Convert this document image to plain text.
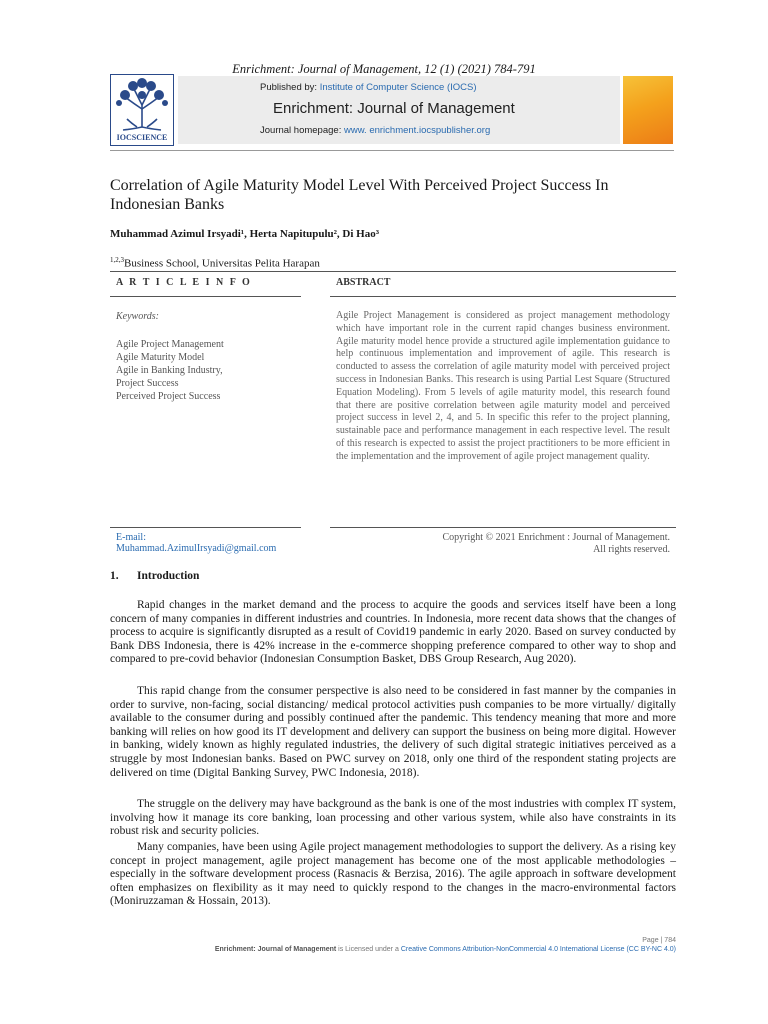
Enrichment: Journal of Management, 12 (1) (2021) 784-791
IOCSCIENCE
Published by: Institute of Computer Science (IOCS)
Enrichment: Journal of Management
Journal homepage: www. enrichment.iocspublisher.org
Correlation of Agile Maturity Model Level With Perceived Project Success In Indonesian Banks
Muhammad Azimul Irsyadi¹, Herta Napitupulu², Di Hao³
$^{1,2,3}$Business School, Universitas Pelita Harapan
A R T I C L E I N F O	ABSTRACT
Keywords:
Agile Project Management
Agile Maturity Model
Agile in Banking Industry,
Project Success
Perceived Project Success
Agile Project Management is considered as project management methodology which have important role in the current rapid changes business environment. Agile maturity model hence provide a structured agile implementation guidance to help continuous implementation and improvement of agile. This research is conducted to assess the correlation of agile maturity model with perceived project success in Indonesian Banks. This research is using Partial Lest Square (Structured Equation Modeling). From 5 levels of agile maturity model, this research found that there are positive correlation between agile maturity model and perceived project success in level 2, 4, and 5. In specific this refer to the project planning, sustainable pace and performance management in each respective level. The result of this research is expected to assist the project practitioners to be more efficient in the implementation and the improvement of agile project management quality.
E-mail:
Muhammad.AzimulIrsyadi@gmail.com
Copyright © 2021 Enrichment : Journal of Management.
All rights reserved.
1. Introduction
Rapid changes in the market demand and the process to acquire the goods and services itself have been a long concern of many companies in different industries and countries. In Indonesia, more recent data shows that the changes of process to acquire is significantly disrupted as a result of Covid19 pandemic in early 2020. Based on survey conducted by Bank DBS Indonesia, there is 42% increase in the e-commerce shopping preference compared to other way to shop and compared to pre-covid behavior (Indonesian Consumption Basket, DBS Group Research, Aug 2020).
This rapid change from the consumer perspective is also need to be considered in fast manner by the companies in order to survive, non-facing, social distancing/ medical protocol activities push companies to be more virtually/ digitally available to the consumer during and possibly continued after the pandemic. This tendency meaning that more and more banking will relies on how good its IT development and delivery can support the business on being more digital. However in banking, widely known as highly regulated industries, the delivery of such digital strategic initiatives perceived as a struggle by most Indonesian banks. Based on PWC survey on 2018, only one third of the respondent stating projects are delivered on time (Digital Banking Survey, PWC Indonesia, 2018).
The struggle on the delivery may have background as the bank is one of the most industries with complex IT system, involving how it manage its core banking, loan processing and other various system, while also have constraints in its robust risk and security policies.
Many companies, have been using Agile project management methodologies to support the delivery. As a rising key concept in project management, agile project management has become one of the most applicable methodologies – especially in the software development process (Rasnacis & Berzisa, 2016). The agile approach in software development often emphasizes on flexibility as it may need to quickly respond to the changes in the macro-environmental factors (Moniruzzaman & Hossain, 2013).
Page | 784
Enrichment: Journal of Management is Licensed under a Creative Commons Attribution-NonCommercial 4.0 International License (CC BY-NC 4.0)
